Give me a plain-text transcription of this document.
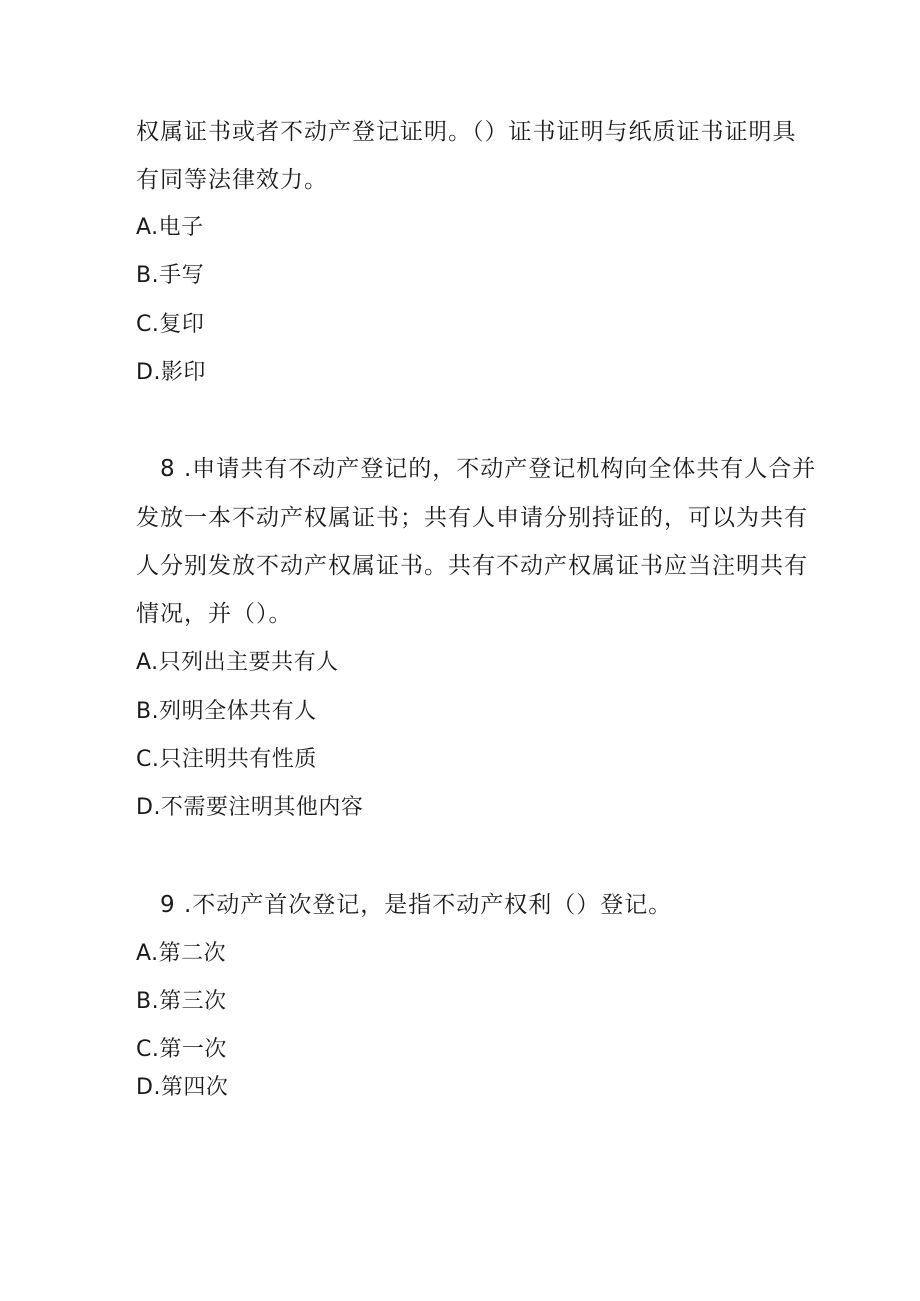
权属证书或者不动产登记证明。（）证书证明与纸质证书证明具
有同等法律效力。
A.电子
B.手写
C.复印
D.影印
8 .申请共有不动产登记的，不动产登记机构向全体共有人合并
发放一本不动产权属证书；共有人申请分别持证的，可以为共有
人分别发放不动产权属证书。共有不动产权属证书应当注明共有
情况，并（）。
A.只列出主要共有人
B.列明全体共有人
C.只注明共有性质
D.不需要注明其他内容
9 .不动产首次登记，是指不动产权利（）登记。
A.第二次
B.第三次
C.第一次
D.第四次
